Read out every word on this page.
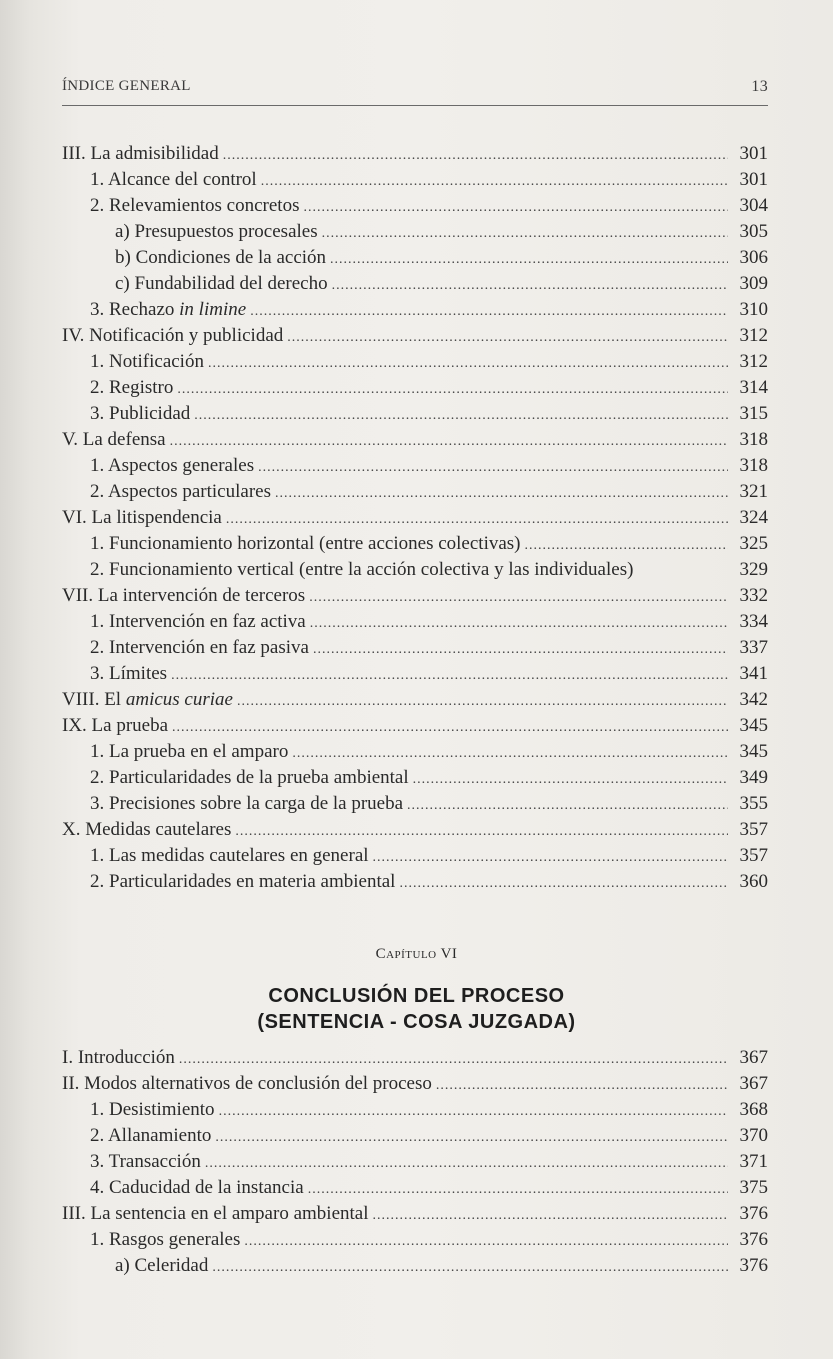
ÍNDICE GENERAL	13
III. La admisibilidad .....	301
1. Alcance del control .....	301
2. Relevamientos concretos .....	304
a) Presupuestos procesales .....	305
b) Condiciones de la acción .....	306
c) Fundabilidad del derecho .....	309
3. Rechazo in limine .....	310
IV. Notificación y publicidad .....	312
1. Notificación .....	312
2. Registro .....	314
3. Publicidad .....	315
V. La defensa .....	318
1. Aspectos generales .....	318
2. Aspectos particulares .....	321
VI. La litispendencia .....	324
1. Funcionamiento horizontal (entre acciones colectivas) .....	325
2. Funcionamiento vertical (entre la acción colectiva y las individuales)	329
VII. La intervención de terceros .....	332
1. Intervención en faz activa .....	334
2. Intervención en faz pasiva .....	337
3. Límites .....	341
VIII. El amicus curiae .....	342
IX. La prueba .....	345
1. La prueba en el amparo .....	345
2. Particularidades de la prueba ambiental .....	349
3. Precisiones sobre la carga de la prueba .....	355
X. Medidas cautelares .....	357
1. Las medidas cautelares en general .....	357
2. Particularidades en materia ambiental .....	360
Capítulo VI
CONCLUSIÓN DEL PROCESO
(SENTENCIA - COSA JUZGADA)
I. Introducción .....	367
II. Modos alternativos de conclusión del proceso .....	367
1. Desistimiento .....	368
2. Allanamiento .....	370
3. Transacción .....	371
4. Caducidad de la instancia .....	375
III. La sentencia en el amparo ambiental .....	376
1. Rasgos generales .....	376
a) Celeridad .....	376
